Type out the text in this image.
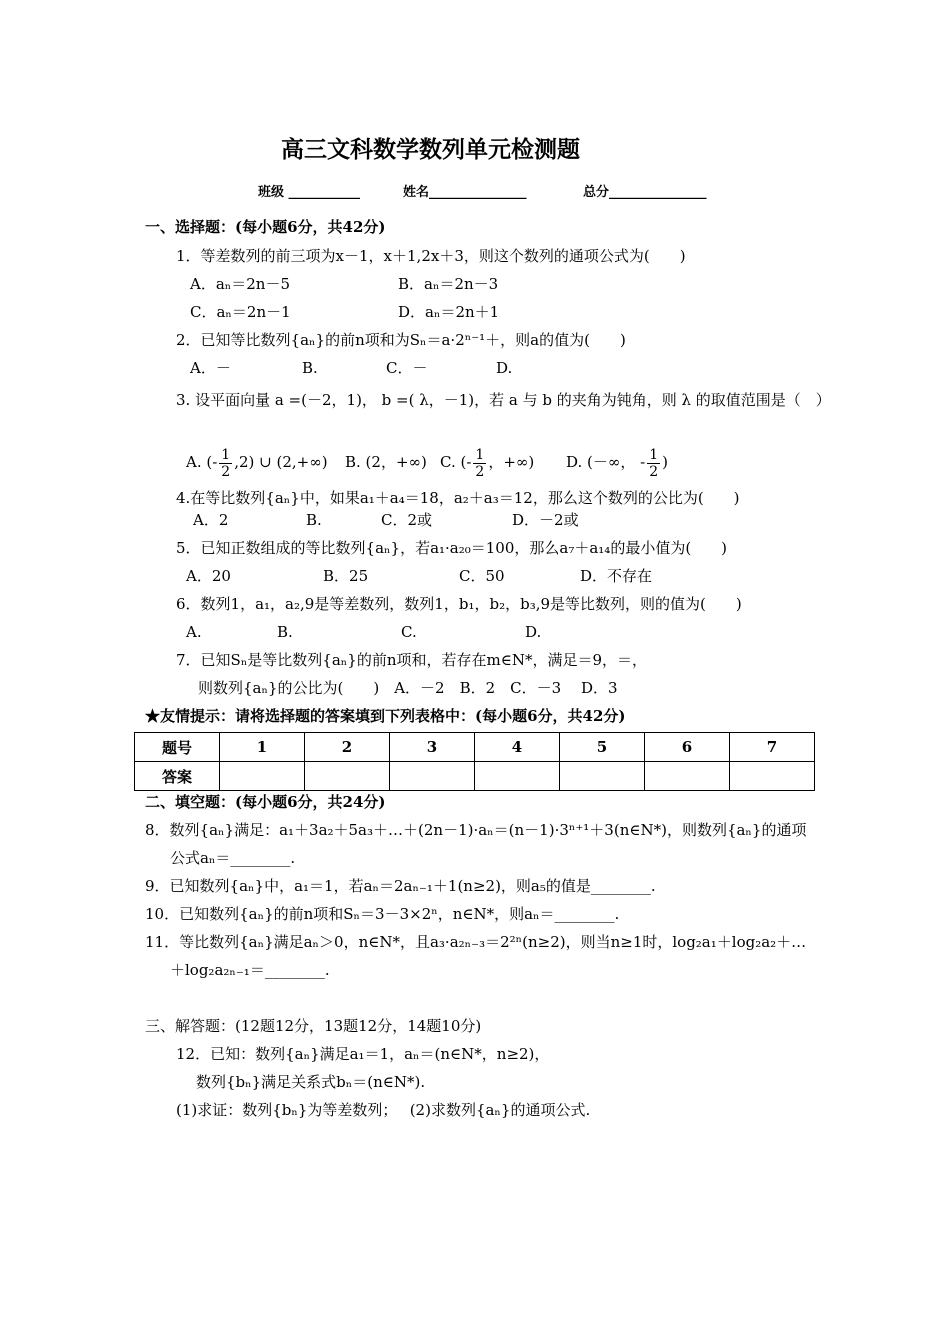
高三文科数学数列单元检测题
班级 ___________	姓名_______________	总分_______________
一、选择题：(每小题6分，共42分)
1．等差数列的前三项为x－1，x＋1,2x＋3，则这个数列的通项公式为(　　)
A．aₙ＝2n－5	B．aₙ＝2n－3
C．aₙ＝2n－1	D．aₙ＝2n＋1
2．已知等比数列{aₙ}的前n项和为Sₙ＝a·2ⁿ⁻¹＋，则a的值为(　　)
A．－	B.	C．－	D.
3. 设平面向量 a =(－2，1)， b =( λ，－1)，若 a 与 b 的夹角为钝角，则 λ 的取值范围是（　）
A. (- $\frac{1}{2} ,2$) ∪ (2,+∞) B. (2，+∞) C. (- $\frac{1}{2}$ ，+∞) D. (－∞， - $\frac{1}{2}$ )
4.在等比数列{aₙ}中，如果a₁＋a₄＝18，a₂＋a₃＝12，那么这个数列的公比为(　　)
A．2	B.	C．2或	D．－2或
5．已知正数组成的等比数列{aₙ}，若a₁·a₂₀＝100，那么a₇＋a₁₄的最小值为(　　)
A．20	B．25	C．50	D．不存在
6．数列1，a₁，a₂,9是等差数列，数列1，b₁，b₂，b₃,9是等比数列，则的值为(　　)
A.	B.	C.	D.
7．已知Sₙ是等比数列{aₙ}的前n项和，若存在m∈N*，满足＝9，＝，
则数列{aₙ}的公比为(　　)　A．－2　B．2　C．－3　 D．3
★友情提示：请将选择题的答案填到下列表格中：(每小题6分，共42分)
题号	1	2	3	4	5	6	7
答案							
二、填空题：(每小题6分，共24分)
8．数列{aₙ}满足：a₁＋3a₂＋5a₃＋…＋(2n－1)·aₙ＝(n－1)·3ⁿ⁺¹＋3(n∈N*)，则数列{aₙ}的通项
公式aₙ＝________.
9．已知数列{aₙ}中，a₁＝1，若aₙ＝2aₙ₋₁＋1(n≥2)，则a₅的值是________.
10．已知数列{aₙ}的前n项和Sₙ＝3－3×2ⁿ，n∈N*，则aₙ＝________.
11．等比数列{aₙ}满足aₙ＞0，n∈N*，且a₃·a₂ₙ₋₃＝2²ⁿ(n≥2)，则当n≥1时，log₂a₁＋log₂a₂＋…
＋log₂a₂ₙ₋₁＝________.
三、解答题：(12题12分，13题12分，14题10分)
12．已知：数列{aₙ}满足a₁＝1，aₙ＝(n∈N*，n≥2)，
数列{bₙ}满足关系式bₙ＝(n∈N*).
(1)求证：数列{bₙ}为等差数列；　 (2)求数列{aₙ}的通项公式.
